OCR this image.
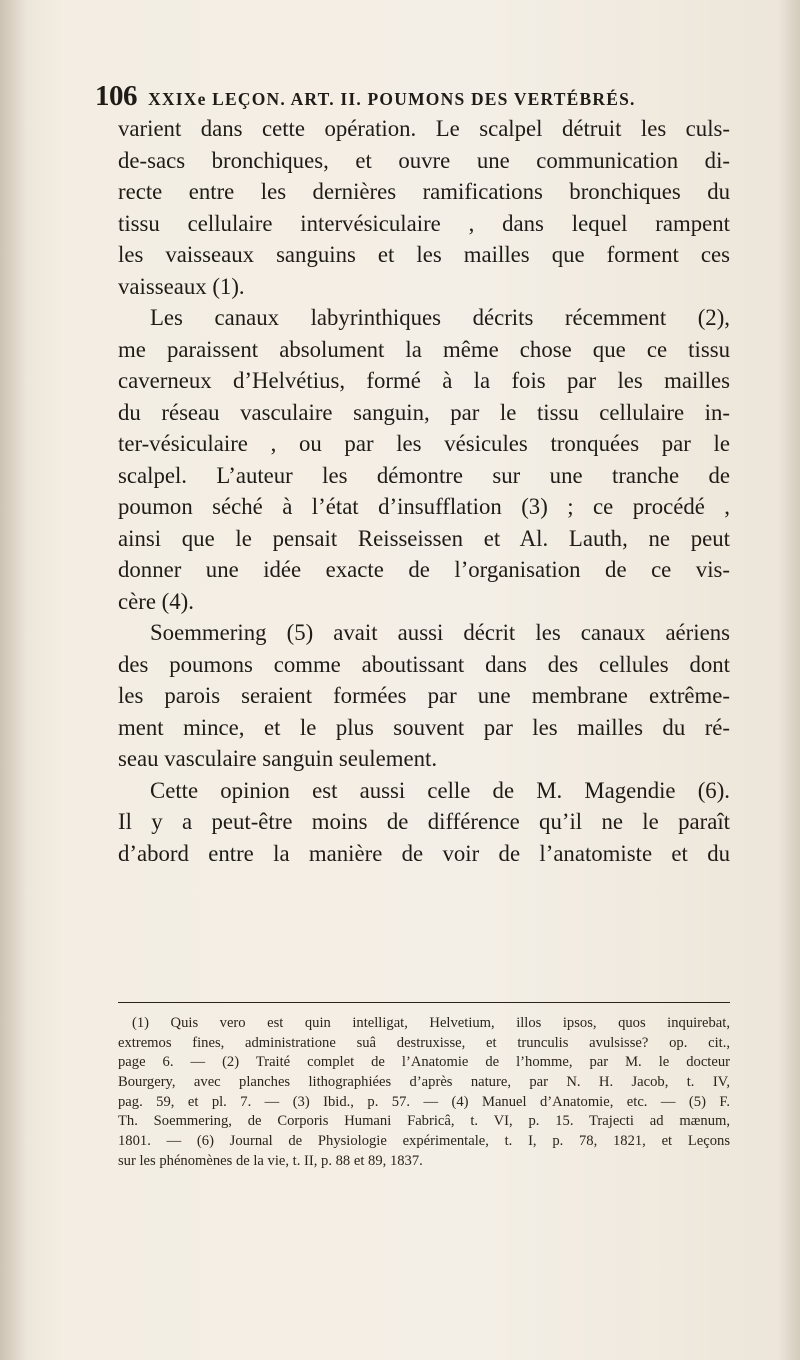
106 XXIXe LEÇON. ART. II. POUMONS DES VERTÉBRÉS.
varient dans cette opération. Le scalpel détruit les culs-
de-sacs bronchiques, et ouvre une communication di-
recte entre les dernières ramifications bronchiques du
tissu cellulaire intervésiculaire , dans lequel rampent
les vaisseaux sanguins et les mailles que forment ces
vaisseaux (1).
Les canaux labyrinthiques décrits récemment (2),
me paraissent absolument la même chose que ce tissu
caverneux d’Helvétius, formé à la fois par les mailles
du réseau vasculaire sanguin, par le tissu cellulaire in-
ter-vésiculaire , ou par les vésicules tronquées par le
scalpel. L’auteur les démontre sur une tranche de
poumon séché à l’état d’insufflation (3) ; ce procédé ,
ainsi que le pensait Reisseissen et Al. Lauth, ne peut
donner une idée exacte de l’organisation de ce vis-
cère (4).
Soemmering (5) avait aussi décrit les canaux aériens
des poumons comme aboutissant dans des cellules dont
les parois seraient formées par une membrane extrême-
ment mince, et le plus souvent par les mailles du ré-
seau vasculaire sanguin seulement.
Cette opinion est aussi celle de M. Magendie (6).
Il y a peut-être moins de différence qu’il ne le paraît
d’abord entre la manière de voir de l’anatomiste et du
(1) Quis vero est quin intelligat, Helvetium, illos ipsos, quos inquirebat,
extremos fines, administratione suâ destruxisse, et trunculis avulsisse? op. cit.,
page 6. — (2) Traité complet de l’Anatomie de l’homme, par M. le docteur
Bourgery, avec planches lithographiées d’après nature, par N. H. Jacob, t. IV,
pag. 59, et pl. 7. — (3) Ibid., p. 57. — (4) Manuel d’Anatomie, etc. — (5) F.
Th. Soemmering, de Corporis Humani Fabricâ, t. VI, p. 15. Trajecti ad mænum,
1801. — (6) Journal de Physiologie expérimentale, t. I, p. 78, 1821, et Leçons
sur les phénomènes de la vie, t. II, p. 88 et 89, 1837.
